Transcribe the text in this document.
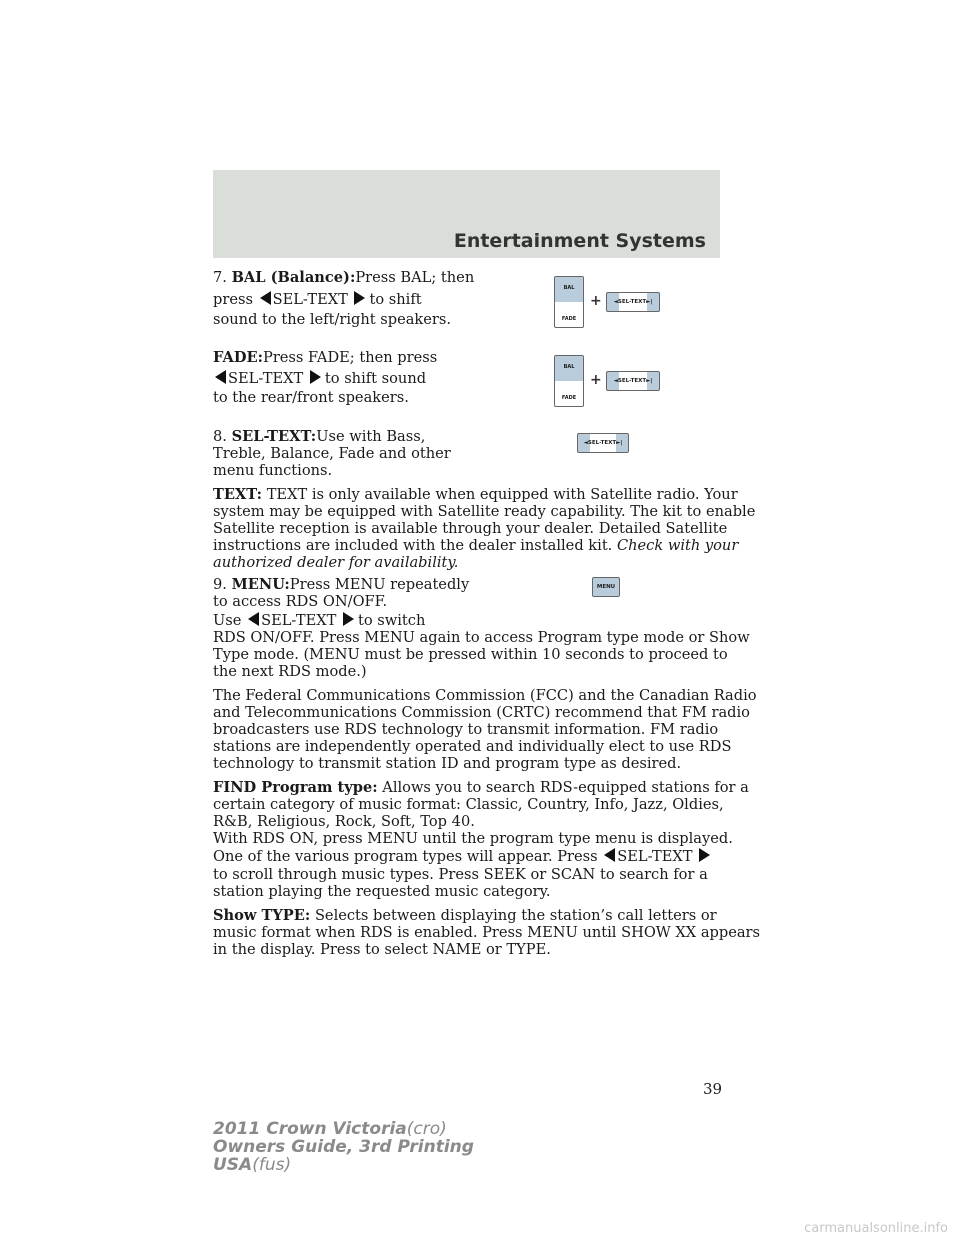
Entertainment Systems

7. BAL (Balance):Press BAL; then

press SEL-TEXT to shift

sound to the left/right speakers.

FADE:Press FADE; then press

SEL-TEXT to shift sound

to the rear/front speakers.

8. SEL-TEXT:Use with Bass,

Treble, Balance, Fade and other

menu functions.

TEXT: TEXT is only available when equipped with Satellite radio. Your

system may be equipped with Satellite ready capability. The kit to enable

Satellite reception is available through your dealer. Detailed Satellite

instructions are included with the dealer installed kit. Check with your

authorized dealer for availability.

9. MENU:Press MENU repeatedly

to access RDS ON/OFF.

Use SEL-TEXT to switch

RDS ON/OFF. Press MENU again to access Program type mode or Show

Type mode. (MENU must be pressed within 10 seconds to proceed to

the next RDS mode.)

The Federal Communications Commission (FCC) and the Canadian Radio

and Telecommunications Commission (CRTC) recommend that FM radio

broadcasters use RDS technology to transmit information. FM radio

stations are independently operated and individually elect to use RDS

technology to transmit station ID and program type as desired.

FIND Program type: Allows you to search RDS-equipped stations for a

certain category of music format: Classic, Country, Info, Jazz, Oldies,

R&B, Religious, Rock, Soft, Top 40.

With RDS ON, press MENU until the program type menu is displayed.

One of the various program types will appear. Press SEL-TEXT

to scroll through music types. Press SEEK or SCAN to search for a

station playing the requested music category.

Show TYPE: Selects between displaying the station’s call letters or

music format when RDS is enabled. Press MENU until SHOW XX appears

in the display. Press to select NAME or TYPE.

BAL
FADE
+	◄SEL-TEXT►|
BAL
FADE
+	◄SEL-TEXT►|
◄SEL-TEXT►|
MENU
39
2011 Crown Victoria(cro)
Owners Guide, 3rd Printing
USA(fus)
carmanualsonline.info
